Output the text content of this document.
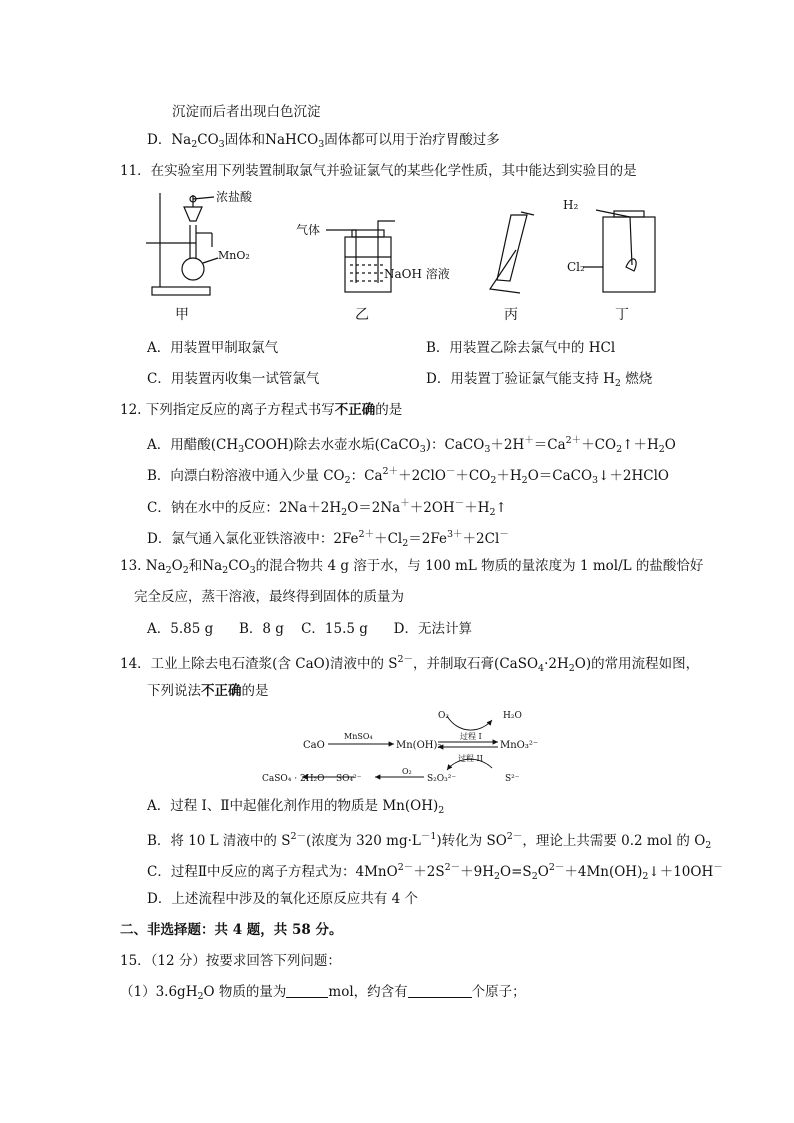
沉淀而后者出现白色沉淀
D．$Na_2CO_3$固体和NaHCO$_3$固体都可以用于治疗胃酸过多
11．在实验室用下列装置制取氯气并验证氯气的某些化学性质，其中能达到实验目的是
浓盐酸
MnO₂
气体
NaOH 溶液
H₂
Cl₂
甲	乙	丙	丁
A．用装置甲制取氯气	B．用装置乙除去氯气中的 HCl
C．用装置丙收集一试管氯气	D．用装置丁验证氯气能支持 $H_2$ 燃烧
12. 下列指定反应的离子方程式书写不正确的是
A．用醋酸$(CH_3COOH)$除去水壶水垢(CaCO$_3$)：$CaCO_3+2H^+=Ca^{2+}+CO_2↑+H_2O$
B．向漂白粉溶液中通入少量 $CO_2$：$Ca^{2+}+2ClO^-+CO_2+H_2O=CaCO_3↓+2HClO$
C．钠在水中的反应：$2Na+2H_2O=2Na^++2OH^-+H_2↑$
D．氯气通入氯化亚铁溶液中：$2Fe^{2+}+Cl_2=2Fe^{3+}+2Cl^-$
13. $Na_2O_2$和$Na_2CO_3$的混合物共 4 g 溶于水，与 100 mL 物质的量浓度为 1 mol/L 的盐酸恰好
完全反应，蒸干溶液，最终得到固体的质量为
A．5.85 g      B．8 g    C．15.5 g      D．无法计算
14．工业上除去电石渣浆(含 CaO)清液中的 $S^{2-}$，并制取石膏$(CaSO_4\cdot 2H_2O)$的常用流程如图，
下列说法不正确的是
CaO
MnSO₄
Mn(OH)₂	MnO₃²⁻
O₂	H₂O
过程 I
过程 II
S²⁻
S₂O₃²⁻
O₂
SO₄²⁻
CaSO₄ · 2H₂O
A．过程 Ⅰ、Ⅱ中起催化剂作用的物质是 $Mn(OH)_2$
B．将 10 L 清液中的 $S^{2-}$(浓度为 320 $mg\cdot L^{-1}$)转化为 $SO^{2-}$，理论上共需要 0.2 mol 的 $O_2$
C．过程Ⅱ中反应的离子方程式为：$4MnO^{2-}+2S^{2-}+9H_2O=S_2O^{2-}+4Mn(OH)_2↓+10OH^-$
D．上述流程中涉及的氧化还原反应共有 4 个
二、非选择题：共 4 题，共 58 分。
15．（12 分）按要求回答下列问题：
$(1)3.6gH_2O$ 物质的量为	mol，约含有	个原子；
